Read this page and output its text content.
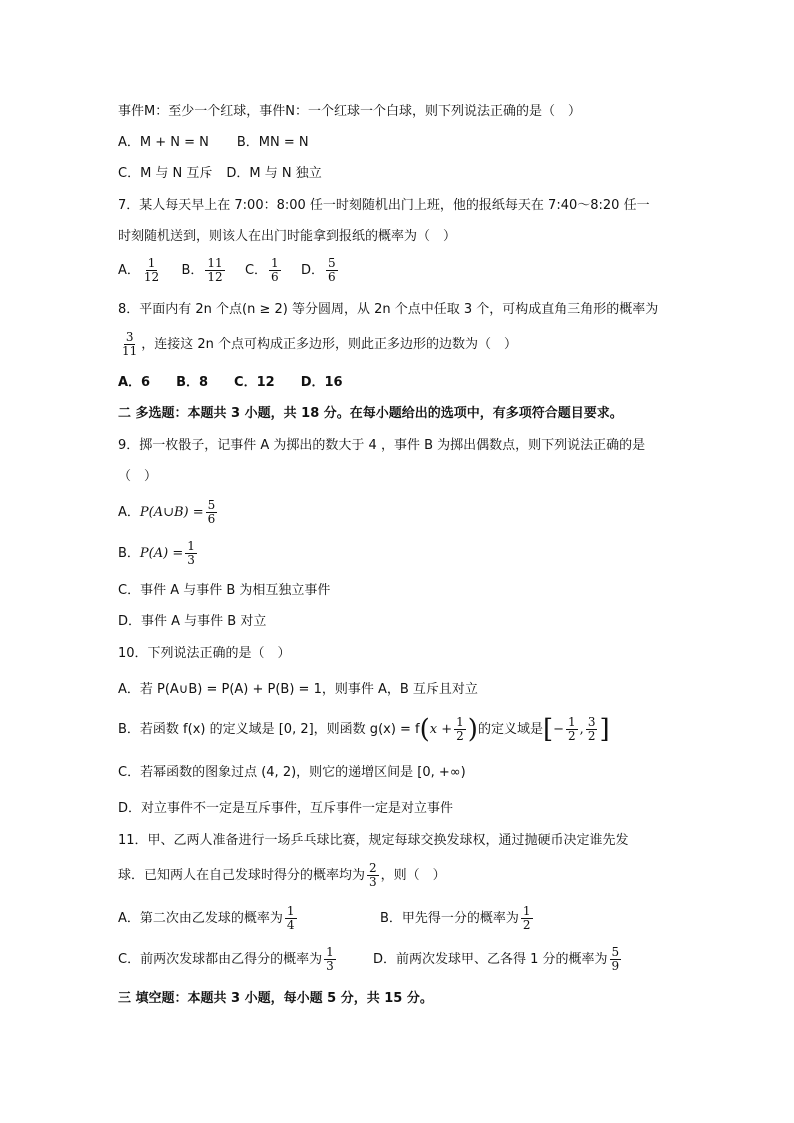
事件M：至少一个红球，事件N：一个红球一个白球，则下列说法正确的是（　）
A．M + N = N B．MN = N
C．M 与 N 互斥 D．M 与 N 独立
7．某人每天早上在 7:00：8:00 任一时刻随机出门上班，他的报纸每天在 7:40～8:20 任一
时刻随机送到，则该人在出门时能拿到报纸的概率为（　）
A． $\frac{1}{12}$ B． $\frac{11}{12}$ C． $\frac{1}{6}$ D． $\frac{5}{6}$
8．平面内有 2n 个点(n ≥ 2) 等分圆周，从 2n 个点中任取 3 个，可构成直角三角形的概率为
$\frac{3}{11}$ ，连接这 2n 个点可构成正多边形，则此正多边形的边数为（　）
A．6　　B．8　　C．12　　D．16
二 多选题：本题共 3 小题，共 18 分。在每小题给出的选项中，有多项符合题目要求。
9．掷一枚骰子，记事件 A 为掷出的数大于 4 ，事件 B 为掷出偶数点，则下列说法正确的是
（　）
A．P(A∪B) = $\frac{5}{6}$
B．$P(A) = \frac{1}{3}$
C．事件 A 与事件 B 为相互独立事件
D．事件 A 与事件 B 对立
10．下列说法正确的是（　）
A．若 P(A∪B) = P(A) + P(B) = 1，则事件 A，B 互斥且对立
B．若函数 f(x) 的定义域是 [0, 2]，则函数 $g(x) = f(x + \frac{1}{2}$ )的定义域是[− $\frac{1}{2}$ , $\frac{3}{2}$ ]
C．若幂函数的图象过点 (4, 2)，则它的递增区间是 [0, +∞)
D．对立事件不一定是互斥事件，互斥事件一定是对立事件
11．甲、乙两人准备进行一场乒乓球比赛，规定每球交换发球权，通过抛硬币决定谁先发
球．已知两人在自己发球时得分的概率均为 $\frac{2}{3}$ ，则（　）
A．第二次由乙发球的概率为 $\frac{1}{4}$	B．甲先得一分的概率为 $\frac{1}{2}$
C．前两次发球都由乙得分的概率为 $\frac{1}{3}$	D．前两次发球甲、乙各得 1 分的概率为 $\frac{5}{9}$
三 填空题：本题共 3 小题，每小题 5 分，共 15 分。
